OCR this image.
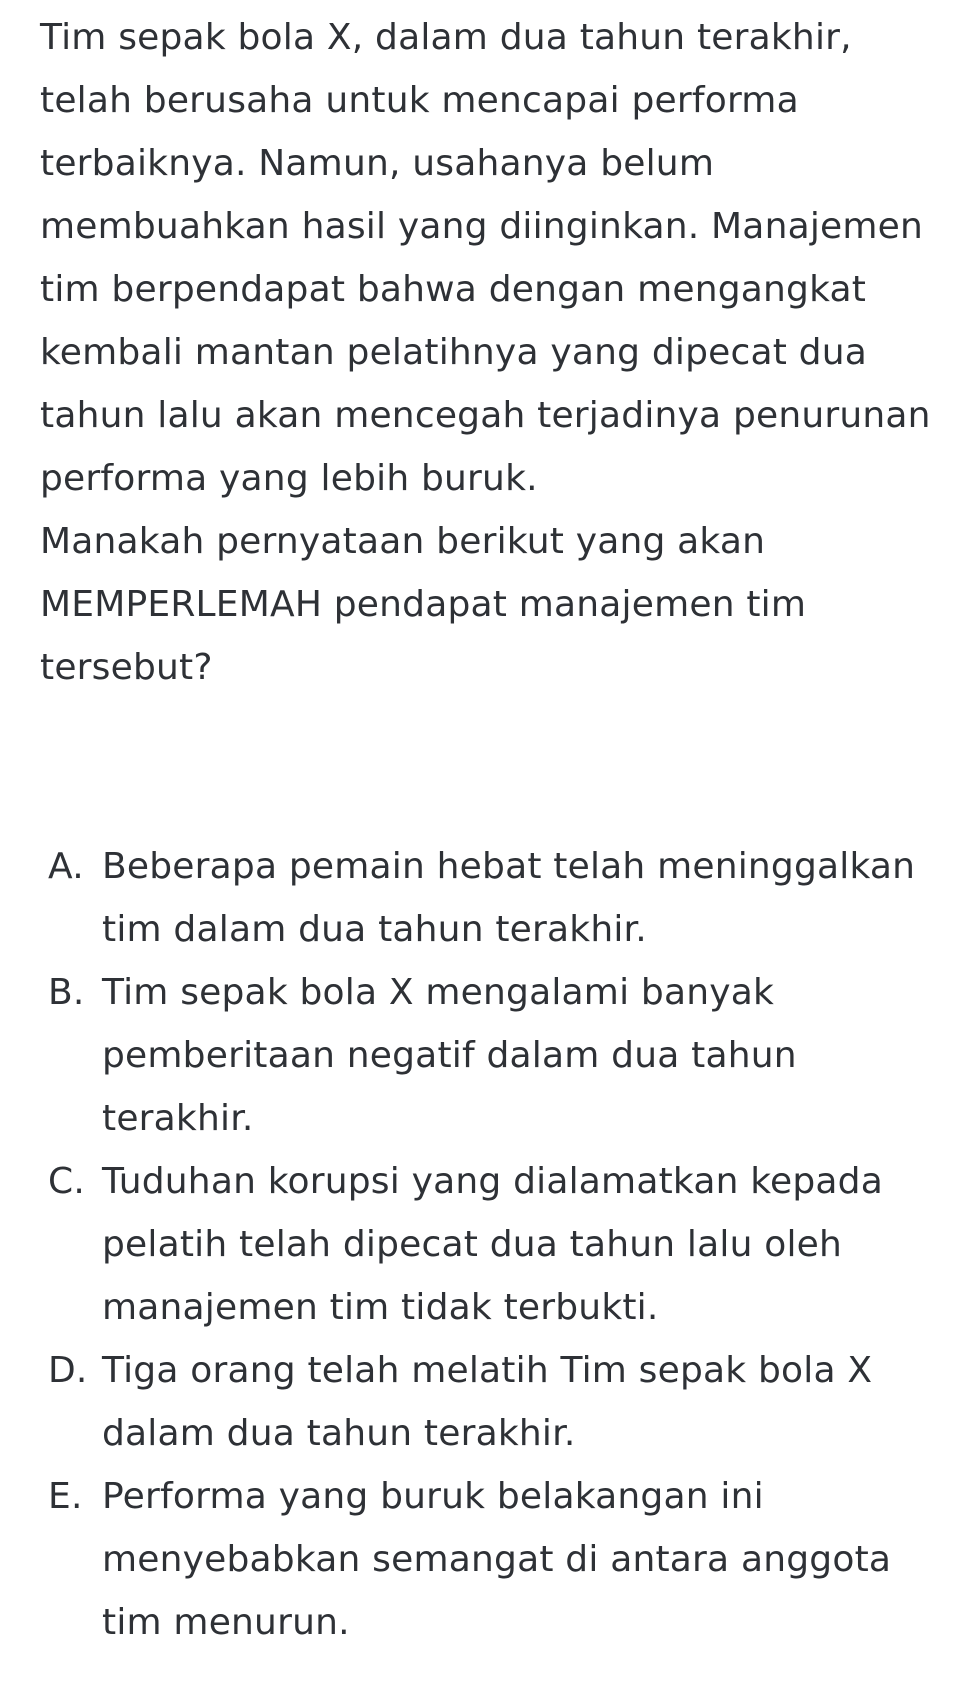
Tim sepak bola X, dalam dua tahun terakhir, telah berusaha untuk mencapai performa terbaiknya. Namun, usahanya belum membuahkan hasil yang diinginkan. Manajemen tim berpendapat bahwa dengan mengangkat kembali mantan pelatihnya yang dipecat dua tahun lalu akan mencegah terjadinya penurunan performa yang lebih buruk.

Manakah pernyataan berikut yang akan MEMPERLEMAH pendapat manajemen tim tersebut?

A. Beberapa pemain hebat telah meninggalkan tim dalam dua tahun terakhir.
B. Tim sepak bola X mengalami banyak pemberitaan negatif dalam dua tahun terakhir.
C. Tuduhan korupsi yang dialamatkan kepada pelatih telah dipecat dua tahun lalu oleh manajemen tim tidak terbukti.
D. Tiga orang telah melatih Tim sepak bola X dalam dua tahun terakhir.
E. Performa yang buruk belakangan ini menyebabkan semangat di antara anggota tim menurun.
